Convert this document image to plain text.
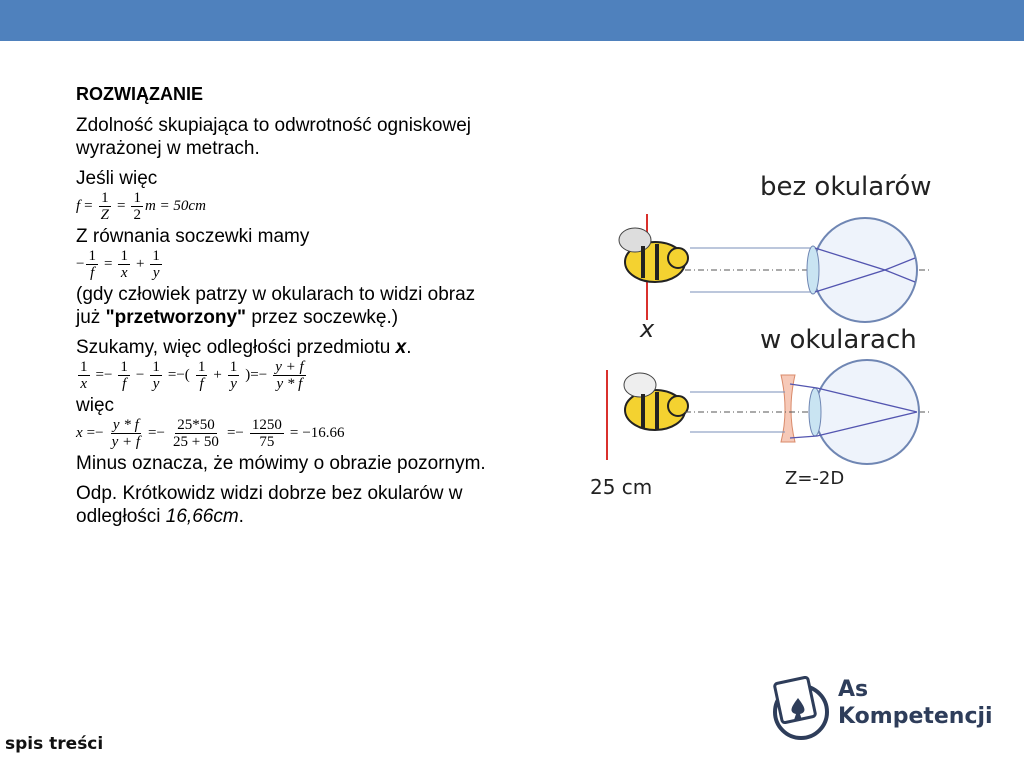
ROZWIĄZANIE

Zdolność skupiająca to odwrotność ogniskowej wyrażonej w metrach.

Jeśli więc

$f = \frac{1}{Z} = \frac{1}{2}$ m = 50cm

Z równania soczewki mamy

− $\frac{1}{f} = \frac{1}{x} + \frac{1}{y}$

(gdy człowiek patrzy w okularach to widzi obraz już "przetworzony" przez soczewkę.)

Szukamy, więc odległości przedmiotu x.

$\frac{1}{x} =- \frac{1}{f} - \frac{1}{y}$ =−( $\frac{1}{f} + \frac{1}{y}$ )=− $\frac{y + f}{y * f}$

więc

$x =- \frac{y * f}{y + f} =- \frac{25*50}{25 + 50} =- \frac{1250}{75} = -16.66$

Minus oznacza, że mówimy o obrazie pozornym.

Odp. Krótkowidz widzi dobrze bez okularów w odległości 16,66cm.

bez okularów
x	w okularach
25 cm	Z=-2D
As
Kompetencji
spis treści
